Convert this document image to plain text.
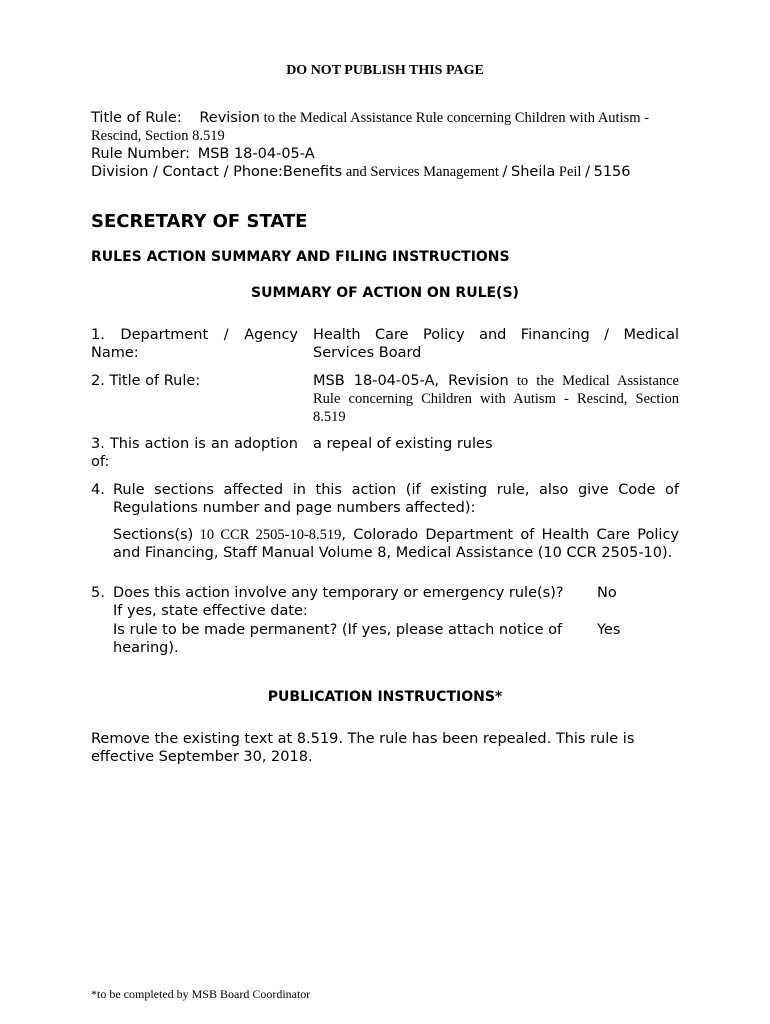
DO NOT PUBLISH THIS PAGE
Title of Rule: Revision to the Medical Assistance Rule concerning Children with Autism -
Rescind, Section 8.519
Rule Number: MSB 18-04-05-A
Division / Contact / Phone:Benefits and Services Management / Sheila Peil / 5156
SECRETARY OF STATE
RULES ACTION SUMMARY AND FILING INSTRUCTIONS
SUMMARY OF ACTION ON RULE(S)
1. Department / Agency Name:
Health Care Policy and Financing / Medical Services Board
2. Title of Rule:	MSB 18-04-05-A, Revision to the Medical Assistance Rule concerning Children with Autism - Rescind, Section 8.519
3. This action is an adoption of:
a repeal of existing rules
4. Rule sections affected in this action (if existing rule, also give Code of Regulations number and page numbers affected):
Sections(s) 10 CCR 2505-10-8.519, Colorado Department of Health Care Policy and Financing, Staff Manual Volume 8, Medical Assistance (10 CCR 2505-10).
5. Does this action involve any temporary or emergency rule(s)?	No
If yes, state effective date:
Is rule to be made permanent? (If yes, please attach notice of hearing).
Yes
PUBLICATION INSTRUCTIONS*
Remove the existing text at 8.519. The rule has been repealed. This rule is effective September 30, 2018.
*to be completed by MSB Board Coordinator
